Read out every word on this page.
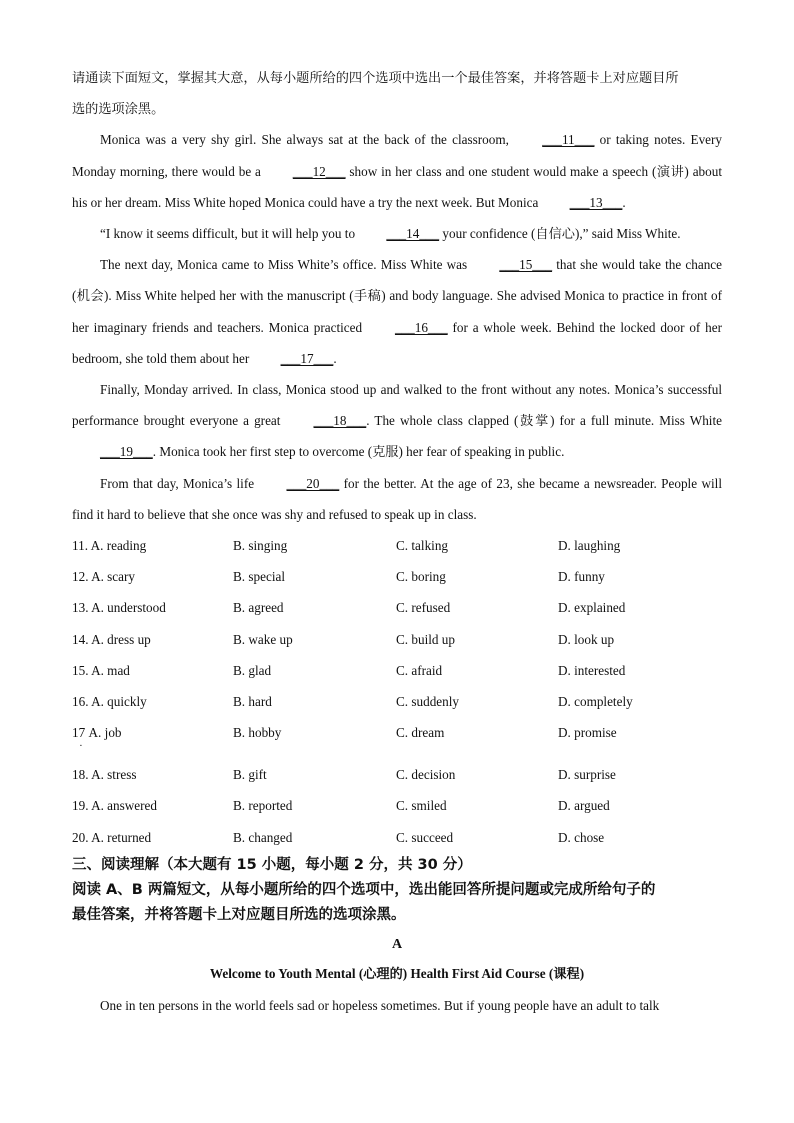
请通读下面短文，掌握其大意，从每小题所给的四个选项中选出一个最佳答案，并将答题卡上对应题目所
选的选项涂黑。

Monica was a very shy girl. She always sat at the back of the classroom, ___11___ or taking notes. Every Monday morning, there would be a ___12___ show in her class and one student would make a speech (演讲) about his or her dream. Miss White hoped Monica could have a try the next week. But Monica ___13___.

“I know it seems difficult, but it will help you to ___14___ your confidence (自信心),” said Miss White.

The next day, Monica came to Miss White’s office. Miss White was ___15___ that she would take the chance (机会). Miss White helped her with the manuscript (手稿) and body language. She advised Monica to practice in front of her imaginary friends and teachers. Monica practiced ___16___ for a whole week. Behind the locked door of her bedroom, she told them about her ___17___.

Finally, Monday arrived. In class, Monica stood up and walked to the front without any notes. Monica’s successful performance brought everyone a great ___18___. The whole class clapped (鼓掌) for a full minute. Miss White ___19___. Monica took her first step to overcome (克服) her fear of speaking in public.

From that day, Monica’s life ___20___ for the better. At the age of 23, she became a newsreader. People will find it hard to believe that she once was shy and refused to speak up in class.

11. A. reading	B. singing	C. talking	D. laughing
12. A. scary	B. special	C. boring	D. funny
13. A. understood	B. agreed	C. refused	D. explained
14. A. dress up	B. wake up	C. build up	D. look up
15. A. mad	B. glad	C. afraid	D. interested
16. A. quickly	B. hard	C. suddenly	D. completely
17·A. job	B. hobby	C. dream	D. promise
18. A. stress	B. gift	C. decision	D. surprise
19. A. answered	B. reported	C. smiled	D. argued
20. A. returned	B. changed	C. succeed	D. chose

三、阅读理解（本大题有 15 小题，每小题 2 分，共 30 分）

阅读 A、B 两篇短文，从每小题所给的四个选项中，选出能回答所提问题或完成所给句子的
最佳答案，并将答题卡上对应题目所选的选项涂黑。

A

Welcome to Youth Mental (心理的) Health First Aid Course (课程)

One in ten persons in the world feels sad or hopeless sometimes. But if young people have an adult to talk
